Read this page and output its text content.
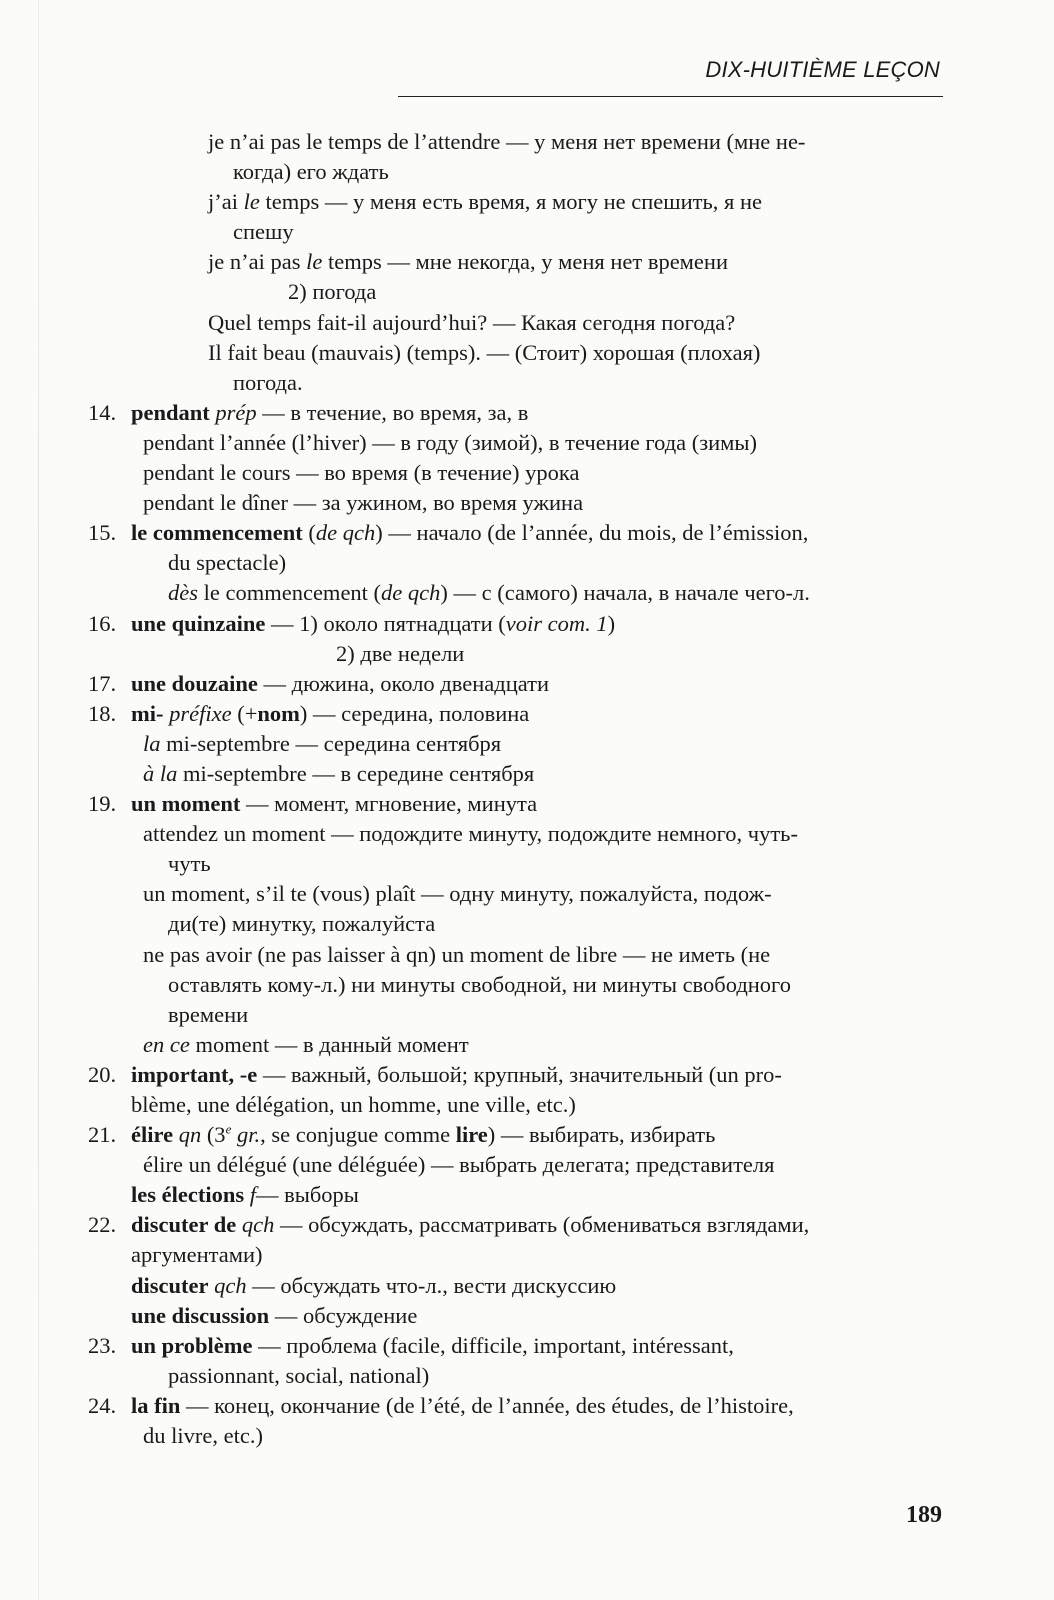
DIX-HUITIÈME LEÇON
je n’ai pas le temps de l’attendre — у меня нет времени (мне не-
когда) его ждать
j’ai le temps — у меня есть время, я могу не спешить, я не
спешу
je n’ai pas le temps — мне некогда, у меня нет времени
2) погода
Quel temps fait-il aujourd’hui? — Какая сегодня погода?
Il fait beau (mauvais) (temps). — (Стоит) хорошая (плохая)
погода.
14. pendant prép — в течение, во время, за, в
pendant l’année (l’hiver) — в году (зимой), в течение года (зимы)
pendant le cours — во время (в течение) урока
pendant le dîner — за ужином, во время ужина
15. le commencement (de qch) — начало (de l’année, du mois, de l’émission,
du spectacle)
dès le commencement (de qch) — с (самого) начала, в начале чего-л.
16. une quinzaine — 1) около пятнадцати (voir com. 1)
2) две недели
17. une douzaine — дюжина, около двенадцати
18. mi- préfixe (+nom) — середина, половина
la mi-septembre — середина сентября
à la mi-septembre — в середине сентября
19. un moment — момент, мгновение, минута
attendez un moment — подождите минуту, подождите немного, чуть-
чуть
un moment, s’il te (vous) plaît — одну минуту, пожалуйста, подож-
ди(те) минутку, пожалуйста
ne pas avoir (ne pas laisser à qn) un moment de libre — не иметь (не
оставлять кому-л.) ни минуты свободной, ни минуты свободного
времени
en ce moment — в данный момент
20. important, -e — важный, большой; крупный, значительный (un pro-
blème, une délégation, un homme, une ville, etc.)
21. élire qn (3e gr., se conjugue comme lire) — выбирать, избирать
élire un délégué (une déléguée) — выбрать делегата; представителя
les élections f— выборы
22. discuter de qch — обсуждать, рассматривать (обмениваться взглядами,
аргументами)
discuter qch — обсуждать что-л., вести дискуссию
une discussion — обсуждение
23. un problème — проблема (facile, difficile, important, intéressant,
passionnant, social, national)
24. la fin — конец, окончание (de l’été, de l’année, des études, de l’histoire,
du livre, etc.)
189
